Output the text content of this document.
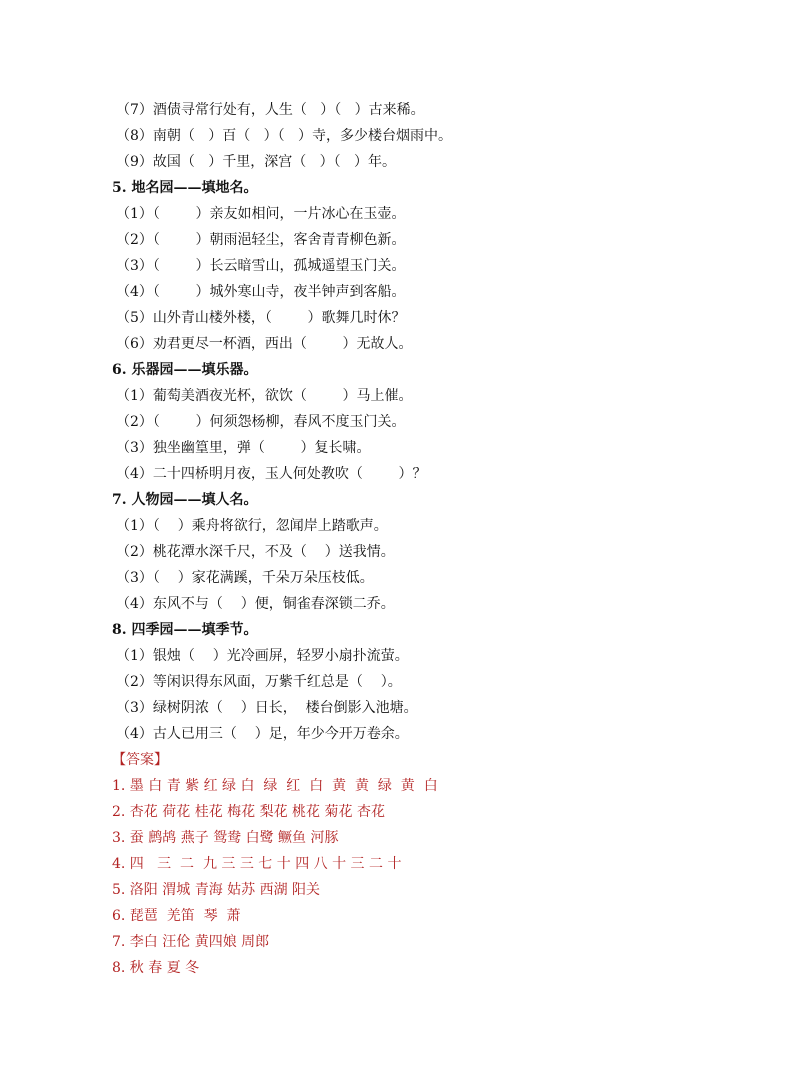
（7）酒债寻常行处有，人生（   ）（   ）古来稀。
（8）南朝（   ）百（   ）（   ）寺，多少楼台烟雨中。
（9）故国（   ）千里，深宫（   ）（   ）年。
5. 地名园——填地名。
（1）（        ）亲友如相问，一片冰心在玉壶。
（2）（        ）朝雨浥轻尘，客舍青青柳色新。
（3）（        ）长云暗雪山，孤城遥望玉门关。
（4）（        ）城外寒山寺，夜半钟声到客船。
（5）山外青山楼外楼，（        ）歌舞几时休？
（6）劝君更尽一杯酒，西出（        ）无故人。
6. 乐器园——填乐器。
（1）葡萄美酒夜光杯，欲饮（        ）马上催。
（2）（        ）何须怨杨柳，春风不度玉门关。
（3）独坐幽篁里，弹（        ）复长啸。
（4）二十四桥明月夜，玉人何处教吹（        ）？
7. 人物园——填人名。
（1）（    ）乘舟将欲行，忽闻岸上踏歌声。
（2）桃花潭水深千尺，不及（    ）送我情。
（3）（    ）家花满蹊，千朵万朵压枝低。
（4）东风不与（    ）便，铜雀春深锁二乔。
8. 四季园——填季节。
（1）银烛（    ）光冷画屏，轻罗小扇扑流萤。
（2）等闲识得东风面，万紫千红总是（    ）。
（3）绿树阴浓（    ）日长，  楼台倒影入池塘。
（4）古人已用三（    ）足，年少今开万卷余。
【答案】
1. 墨 白 青 紫 红 绿 白  绿  红  白  黄  黄  绿  黄  白
2. 杏花 荷花 桂花 梅花 梨花 桃花 菊花 杏花
3. 蚕 鹧鸪 燕子 鸳鸯 白鹭 鳜鱼 河豚
4. 四   三  二  九 三 三 七 十 四 八 十 三 二 十
5. 洛阳 渭城 青海 姑苏 西湖 阳关
6. 琵琶  羌笛  琴  萧
7. 李白 汪伦 黄四娘 周郎
8. 秋 春 夏 冬
